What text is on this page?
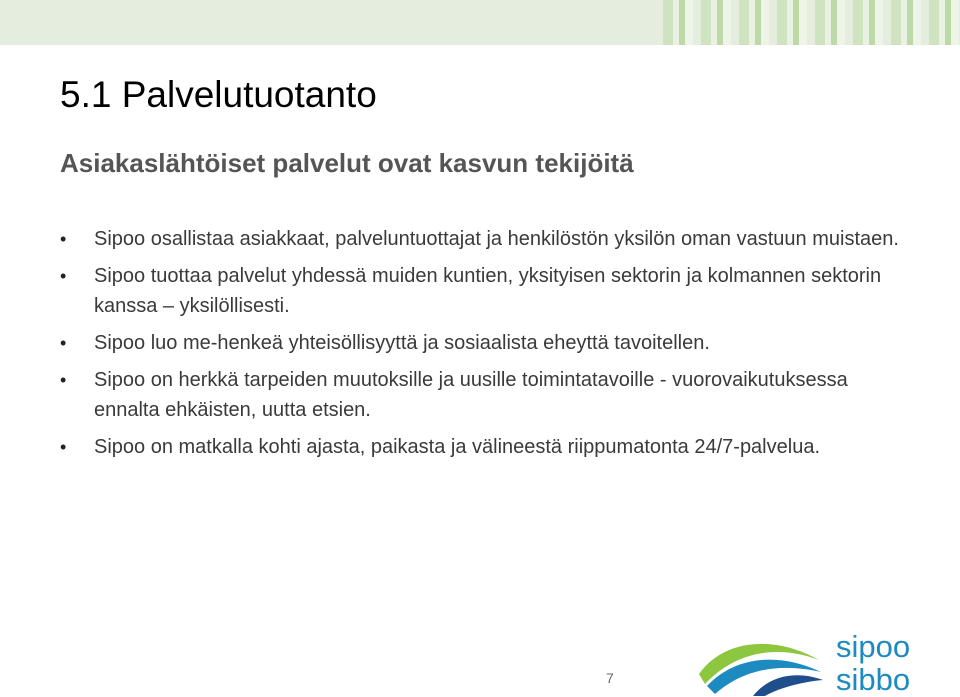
5.1 Palvelutuotanto
Asiakaslähtöiset palvelut ovat kasvun tekijöitä
•	Sipoo osallistaa asiakkaat, palveluntuottajat ja henkilöstön yksilön oman vastuun muistaen.
•	Sipoo tuottaa palvelut yhdessä muiden kuntien, yksityisen sektorin ja kolmannen sektorin kanssa – yksilöllisesti.
•	Sipoo luo me-henkeä yhteisöllisyyttä ja sosiaalista eheyttä tavoitellen.
•	Sipoo on herkkä tarpeiden muutoksille ja uusille toimintatavoille - vuorovaikutuksessa ennalta ehkäisten, uutta etsien.
•	Sipoo on matkalla kohti ajasta, paikasta ja välineestä riippumatonta 24/7-palvelua.
7
sipoo
sibbo
